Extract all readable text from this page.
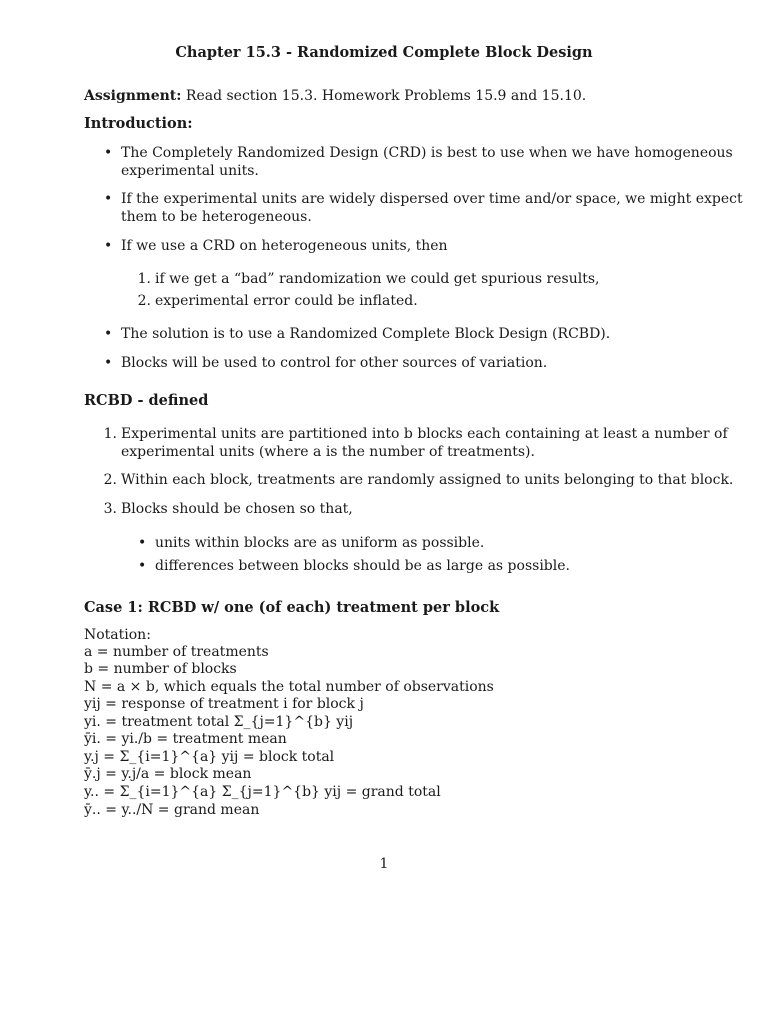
Chapter 15.3 - Randomized Complete Block Design
Assignment: Read section 15.3. Homework Problems 15.9 and 15.10.
Introduction:
• The Completely Randomized Design (CRD) is best to use when we have homogeneous
experimental units.
• If the experimental units are widely dispersed over time and/or space, we might expect
them to be heterogeneous.
• If we use a CRD on heterogeneous units, then
1. if we get a “bad” randomization we could get spurious results,
2. experimental error could be inflated.
• The solution is to use a Randomized Complete Block Design (RCBD).
• Blocks will be used to control for other sources of variation.
RCBD - defined
1. Experimental units are partitioned into b blocks each containing at least a number of
experimental units (where a is the number of treatments).
2. Within each block, treatments are randomly assigned to units belonging to that block.
3. Blocks should be chosen so that,
• units within blocks are as uniform as possible.
• differences between blocks should be as large as possible.
Case 1: RCBD w/ one (of each) treatment per block
Notation:
a = number of treatments
b = number of blocks
N = a × b, which equals the total number of observations
yij = response of treatment i for block j
yi. = treatment total Σ_{j=1}^{b} yij
ȳi. = yi./b = treatment mean
y.j = Σ_{i=1}^{a} yij = block total
ȳ.j = y.j/a = block mean
y.. = Σ_{i=1}^{a} Σ_{j=1}^{b} yij = grand total
ȳ.. = y../N = grand mean
1
